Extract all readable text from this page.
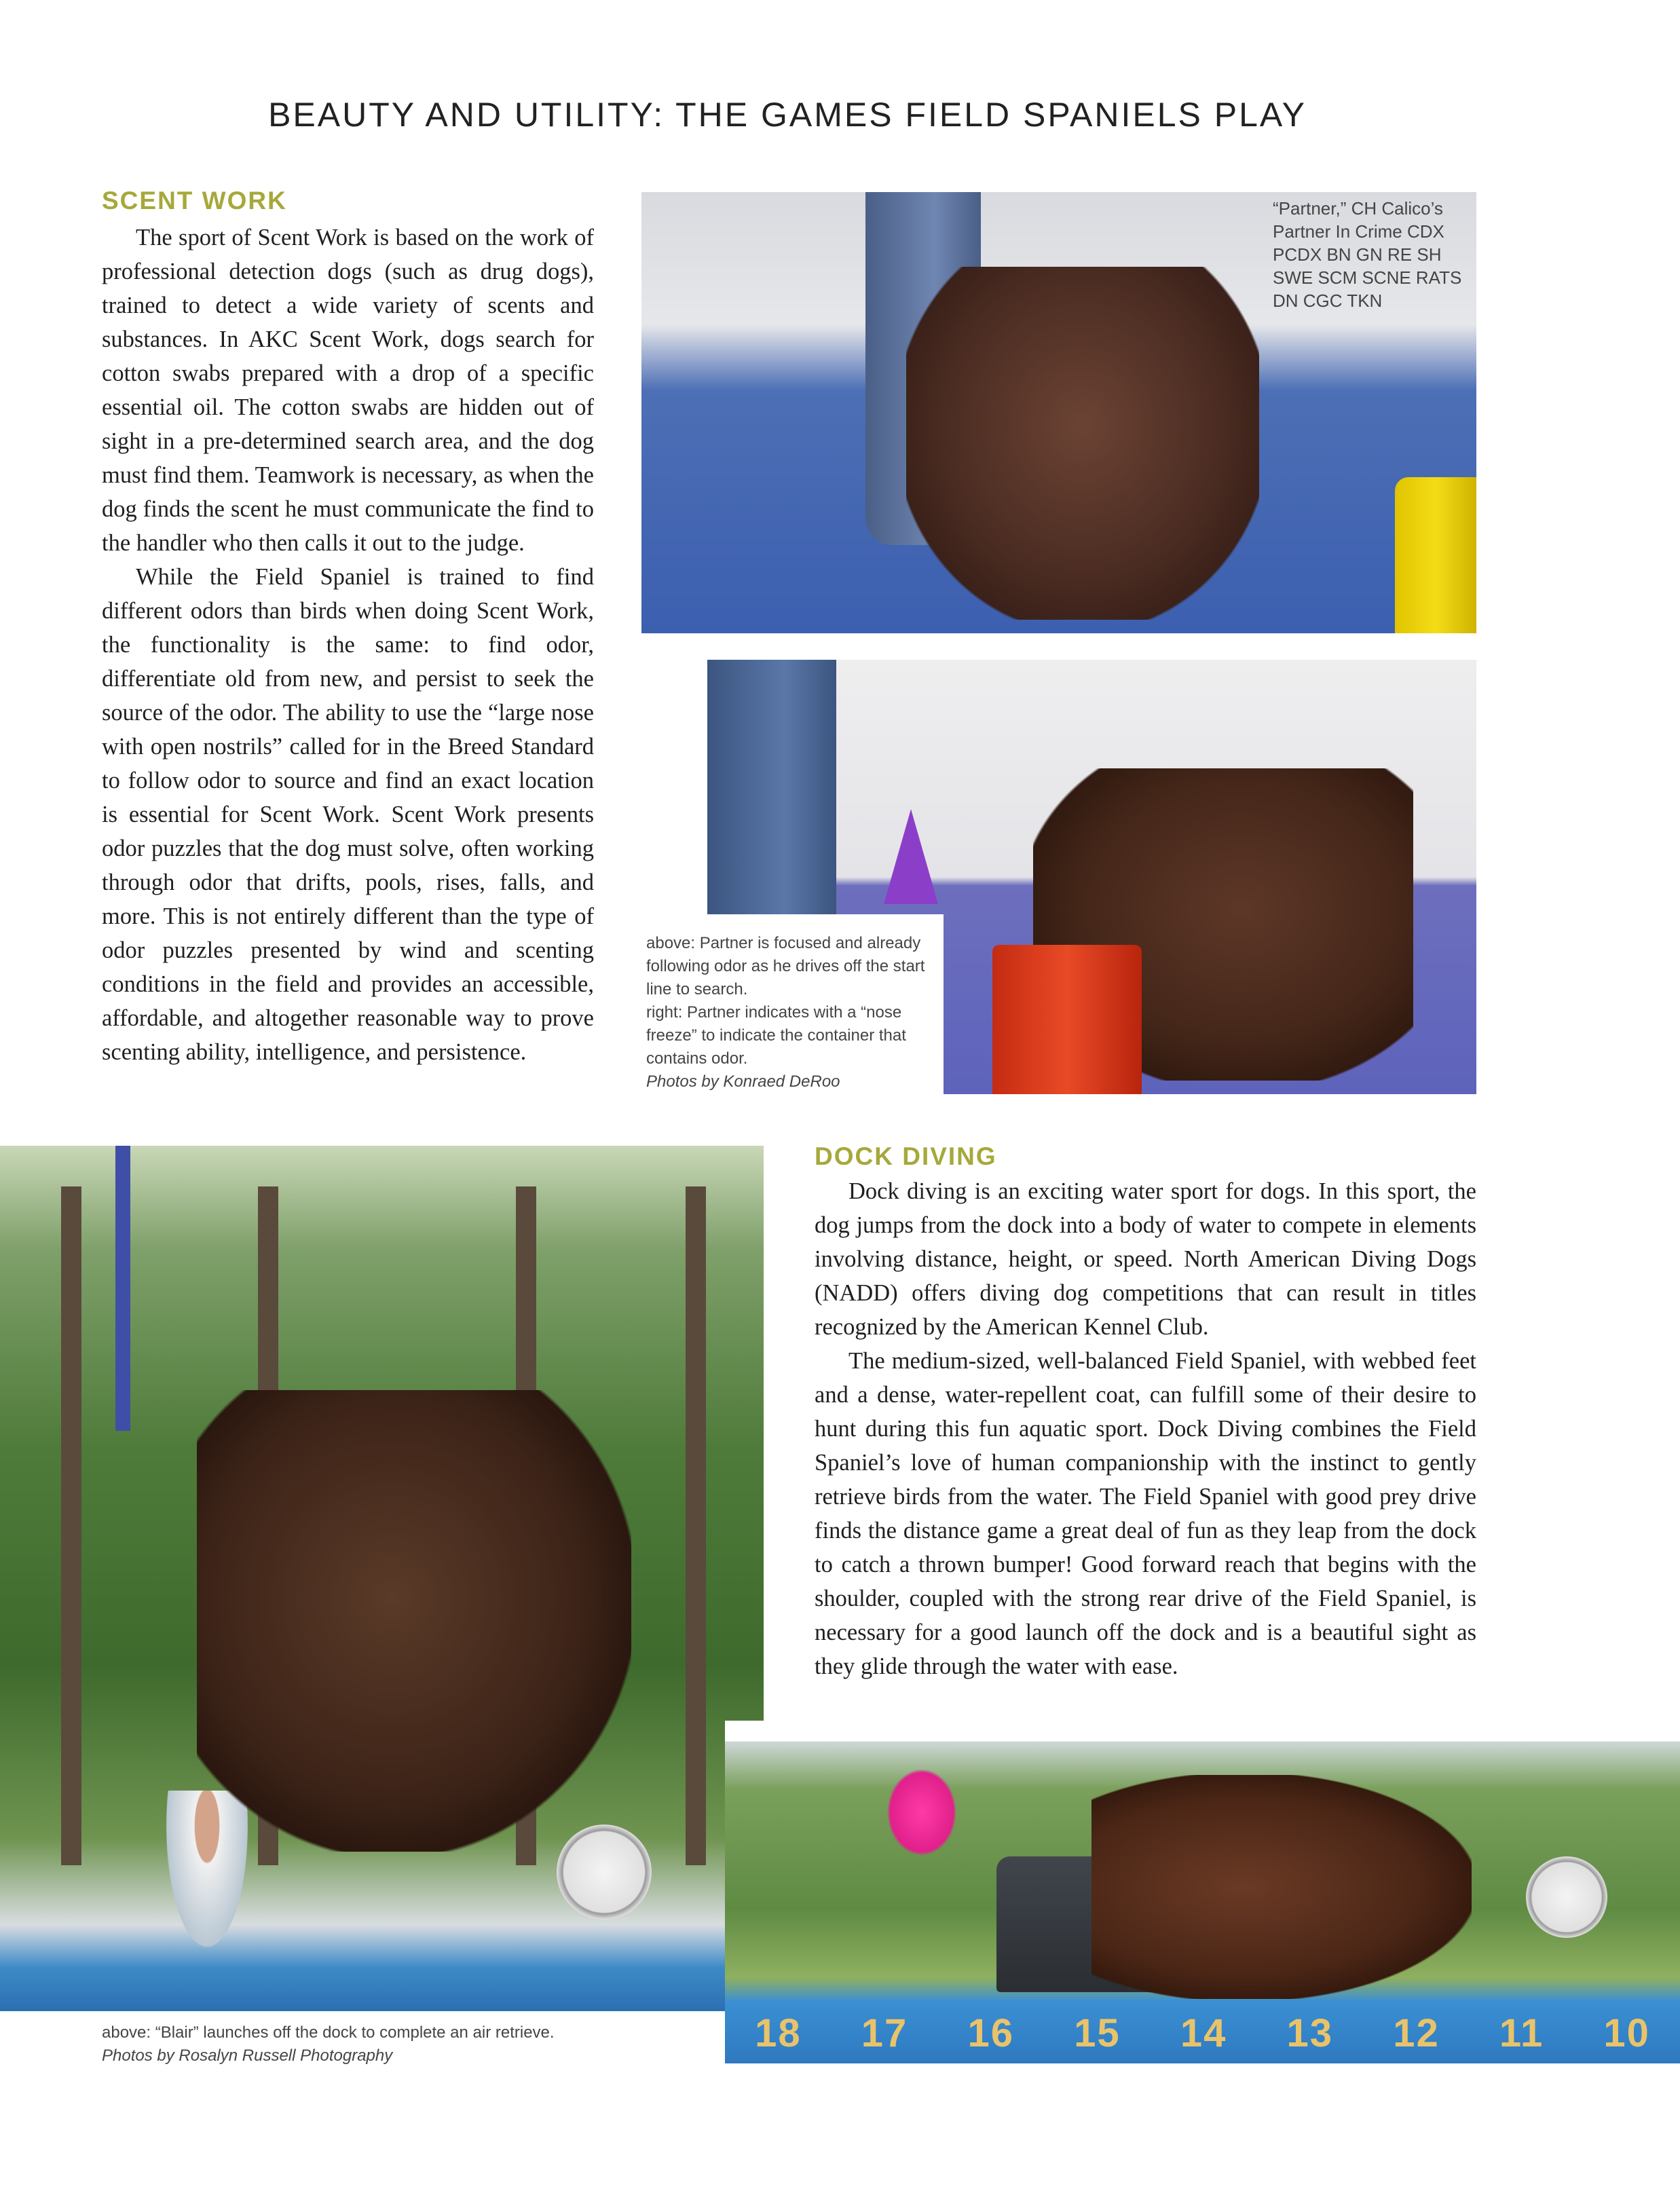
BEAUTY AND UTILITY: THE GAMES FIELD SPANIELS PLAY
SCENT WORK

The sport of Scent Work is based on the work of professional detection dogs (such as drug dogs), trained to detect a wide variety of scents and substances. In AKC Scent Work, dogs search for cotton swabs prepared with a drop of a specific essential oil. The cotton swabs are hidden out of sight in a pre-determined search area, and the dog must find them. Teamwork is necessary, as when the dog finds the scent he must communicate the find to the handler who then calls it out to the judge.

While the Field Spaniel is trained to find different odors than birds when doing Scent Work, the functionality is the same: to find odor, differentiate old from new, and persist to seek the source of the odor. The ability to use the “large nose with open nostrils” called for in the Breed Standard to follow odor to source and find an exact location is essential for Scent Work. Scent Work presents odor puzzles that the dog must solve, often working through odor that drifts, pools, rises, falls, and more. This is not entirely different than the type of odor puzzles presented by wind and scenting conditions in the field and provides an accessible, affordable, and altogether reasonable way to prove scenting ability, intelligence, and persistence.

“Partner,” CH Calico’s Partner In Crime CDX PCDX BN GN RE SH SWE SCM SCNE RATS DN CGC TKN

above: Partner is focused and already following odor as he drives off the start line to search.

right: Partner indicates with a “nose freeze” to indicate the container that contains odor.

Photos by Konraed DeRoo

above: “Blair” launches off the dock to complete an air retrieve.

Photos by Rosalyn Russell Photography

DOCK DIVING

Dock diving is an exciting water sport for dogs. In this sport, the dog jumps from the dock into a body of water to compete in elements involving distance, height, or speed. North American Diving Dogs (NADD) offers diving dog competitions that can result in titles recognized by the American Kennel Club.

The medium-sized, well-balanced Field Spaniel, with webbed feet and a dense, water-repellent coat, can fulfill some of their desire to hunt during this fun aquatic sport. Dock Diving combines the Field Spaniel’s love of human companionship with the instinct to gently retrieve birds from the water. The Field Spaniel with good prey drive finds the distance game a great deal of fun as they leap from the dock to catch a thrown bumper! Good forward reach that begins with the shoulder, coupled with the strong rear drive of the Field Spaniel, is necessary for a good launch off the dock and is a beautiful sight as they glide through the water with ease.

18 17 16 15 14 13 12 11 10
